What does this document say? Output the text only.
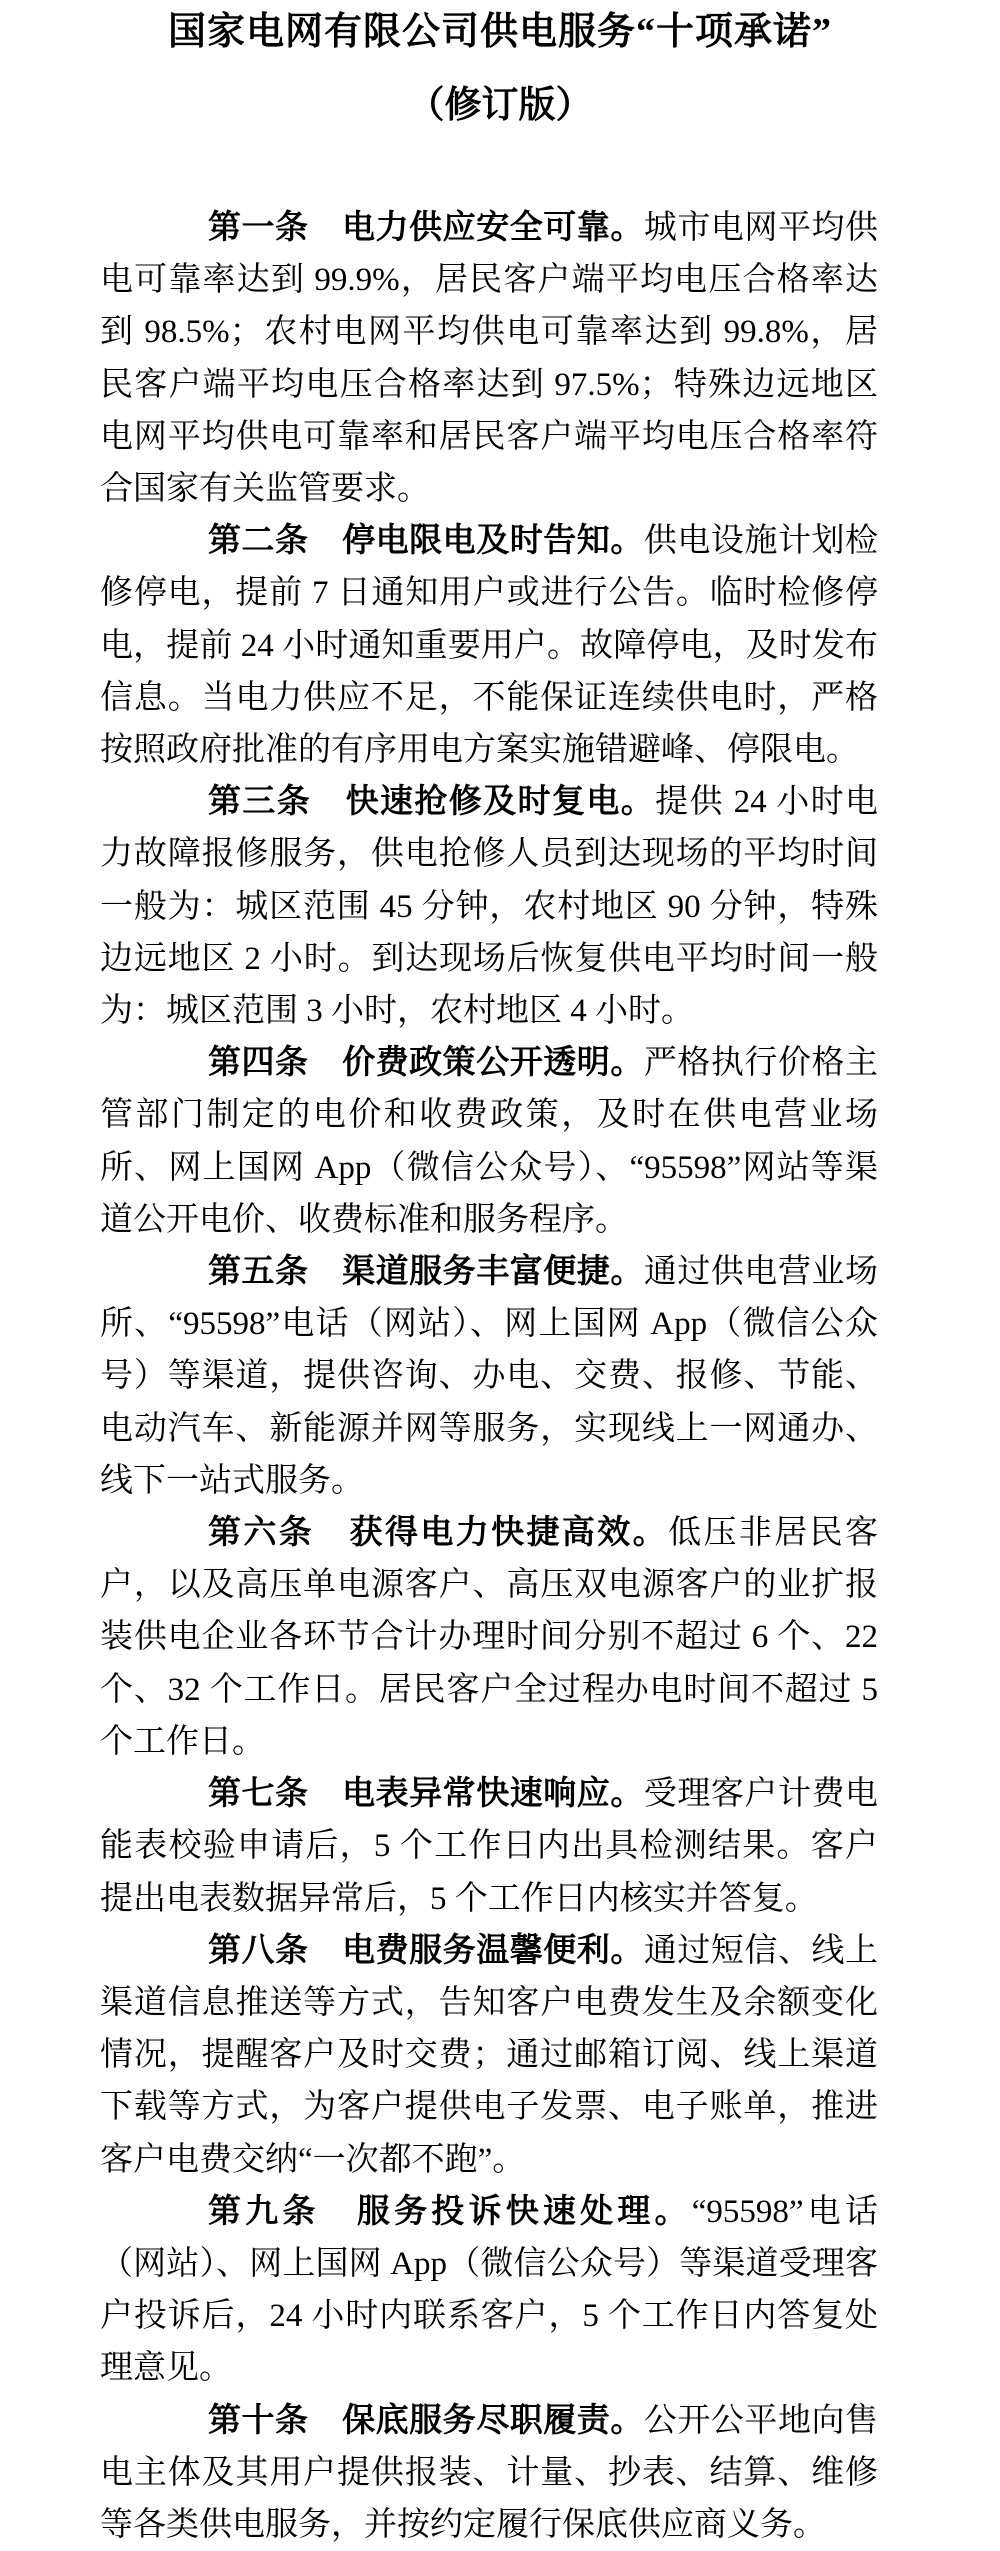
国家电网有限公司供电服务“十项承诺”
（修订版）

第一条　电力供应安全可靠。城市电网平均供电可靠率达到 99.9%，居民客户端平均电压合格率达到 98.5%；农村电网平均供电可靠率达到 99.8%，居民客户端平均电压合格率达到 97.5%；特殊边远地区电网平均供电可靠率和居民客户端平均电压合格率符合国家有关监管要求。

第二条　停电限电及时告知。供电设施计划检修停电，提前 7 日通知用户或进行公告。临时检修停电，提前 24 小时通知重要用户。故障停电，及时发布信息。当电力供应不足，不能保证连续供电时，严格按照政府批准的有序用电方案实施错避峰、停限电。

第三条　快速抢修及时复电。提供 24 小时电力故障报修服务，供电抢修人员到达现场的平均时间一般为：城区范围 45 分钟，农村地区 90 分钟，特殊边远地区 2 小时。到达现场后恢复供电平均时间一般为：城区范围 3 小时，农村地区 4 小时。

第四条　价费政策公开透明。严格执行价格主管部门制定的电价和收费政策，及时在供电营业场所、网上国网 App（微信公众号）、“95598”网站等渠道公开电价、收费标准和服务程序。

第五条　渠道服务丰富便捷。通过供电营业场所、“95598”电话（网站）、网上国网 App（微信公众号）等渠道，提供咨询、办电、交费、报修、节能、电动汽车、新能源并网等服务，实现线上一网通办、线下一站式服务。

第六条　获得电力快捷高效。低压非居民客户，以及高压单电源客户、高压双电源客户的业扩报装供电企业各环节合计办理时间分别不超过 6 个、22 个、32 个工作日。居民客户全过程办电时间不超过 5 个工作日。

第七条　电表异常快速响应。受理客户计费电能表校验申请后，5 个工作日内出具检测结果。客户提出电表数据异常后，5 个工作日内核实并答复。

第八条　电费服务温馨便利。通过短信、线上渠道信息推送等方式，告知客户电费发生及余额变化情况，提醒客户及时交费；通过邮箱订阅、线上渠道下载等方式，为客户提供电子发票、电子账单，推进客户电费交纳“一次都不跑”。

第九条　服务投诉快速处理。“95598”电话（网站）、网上国网 App（微信公众号）等渠道受理客户投诉后，24 小时内联系客户，5 个工作日内答复处理意见。

第十条　保底服务尽职履责。公开公平地向售电主体及其用户提供报装、计量、抄表、结算、维修等各类供电服务，并按约定履行保底供应商义务。
